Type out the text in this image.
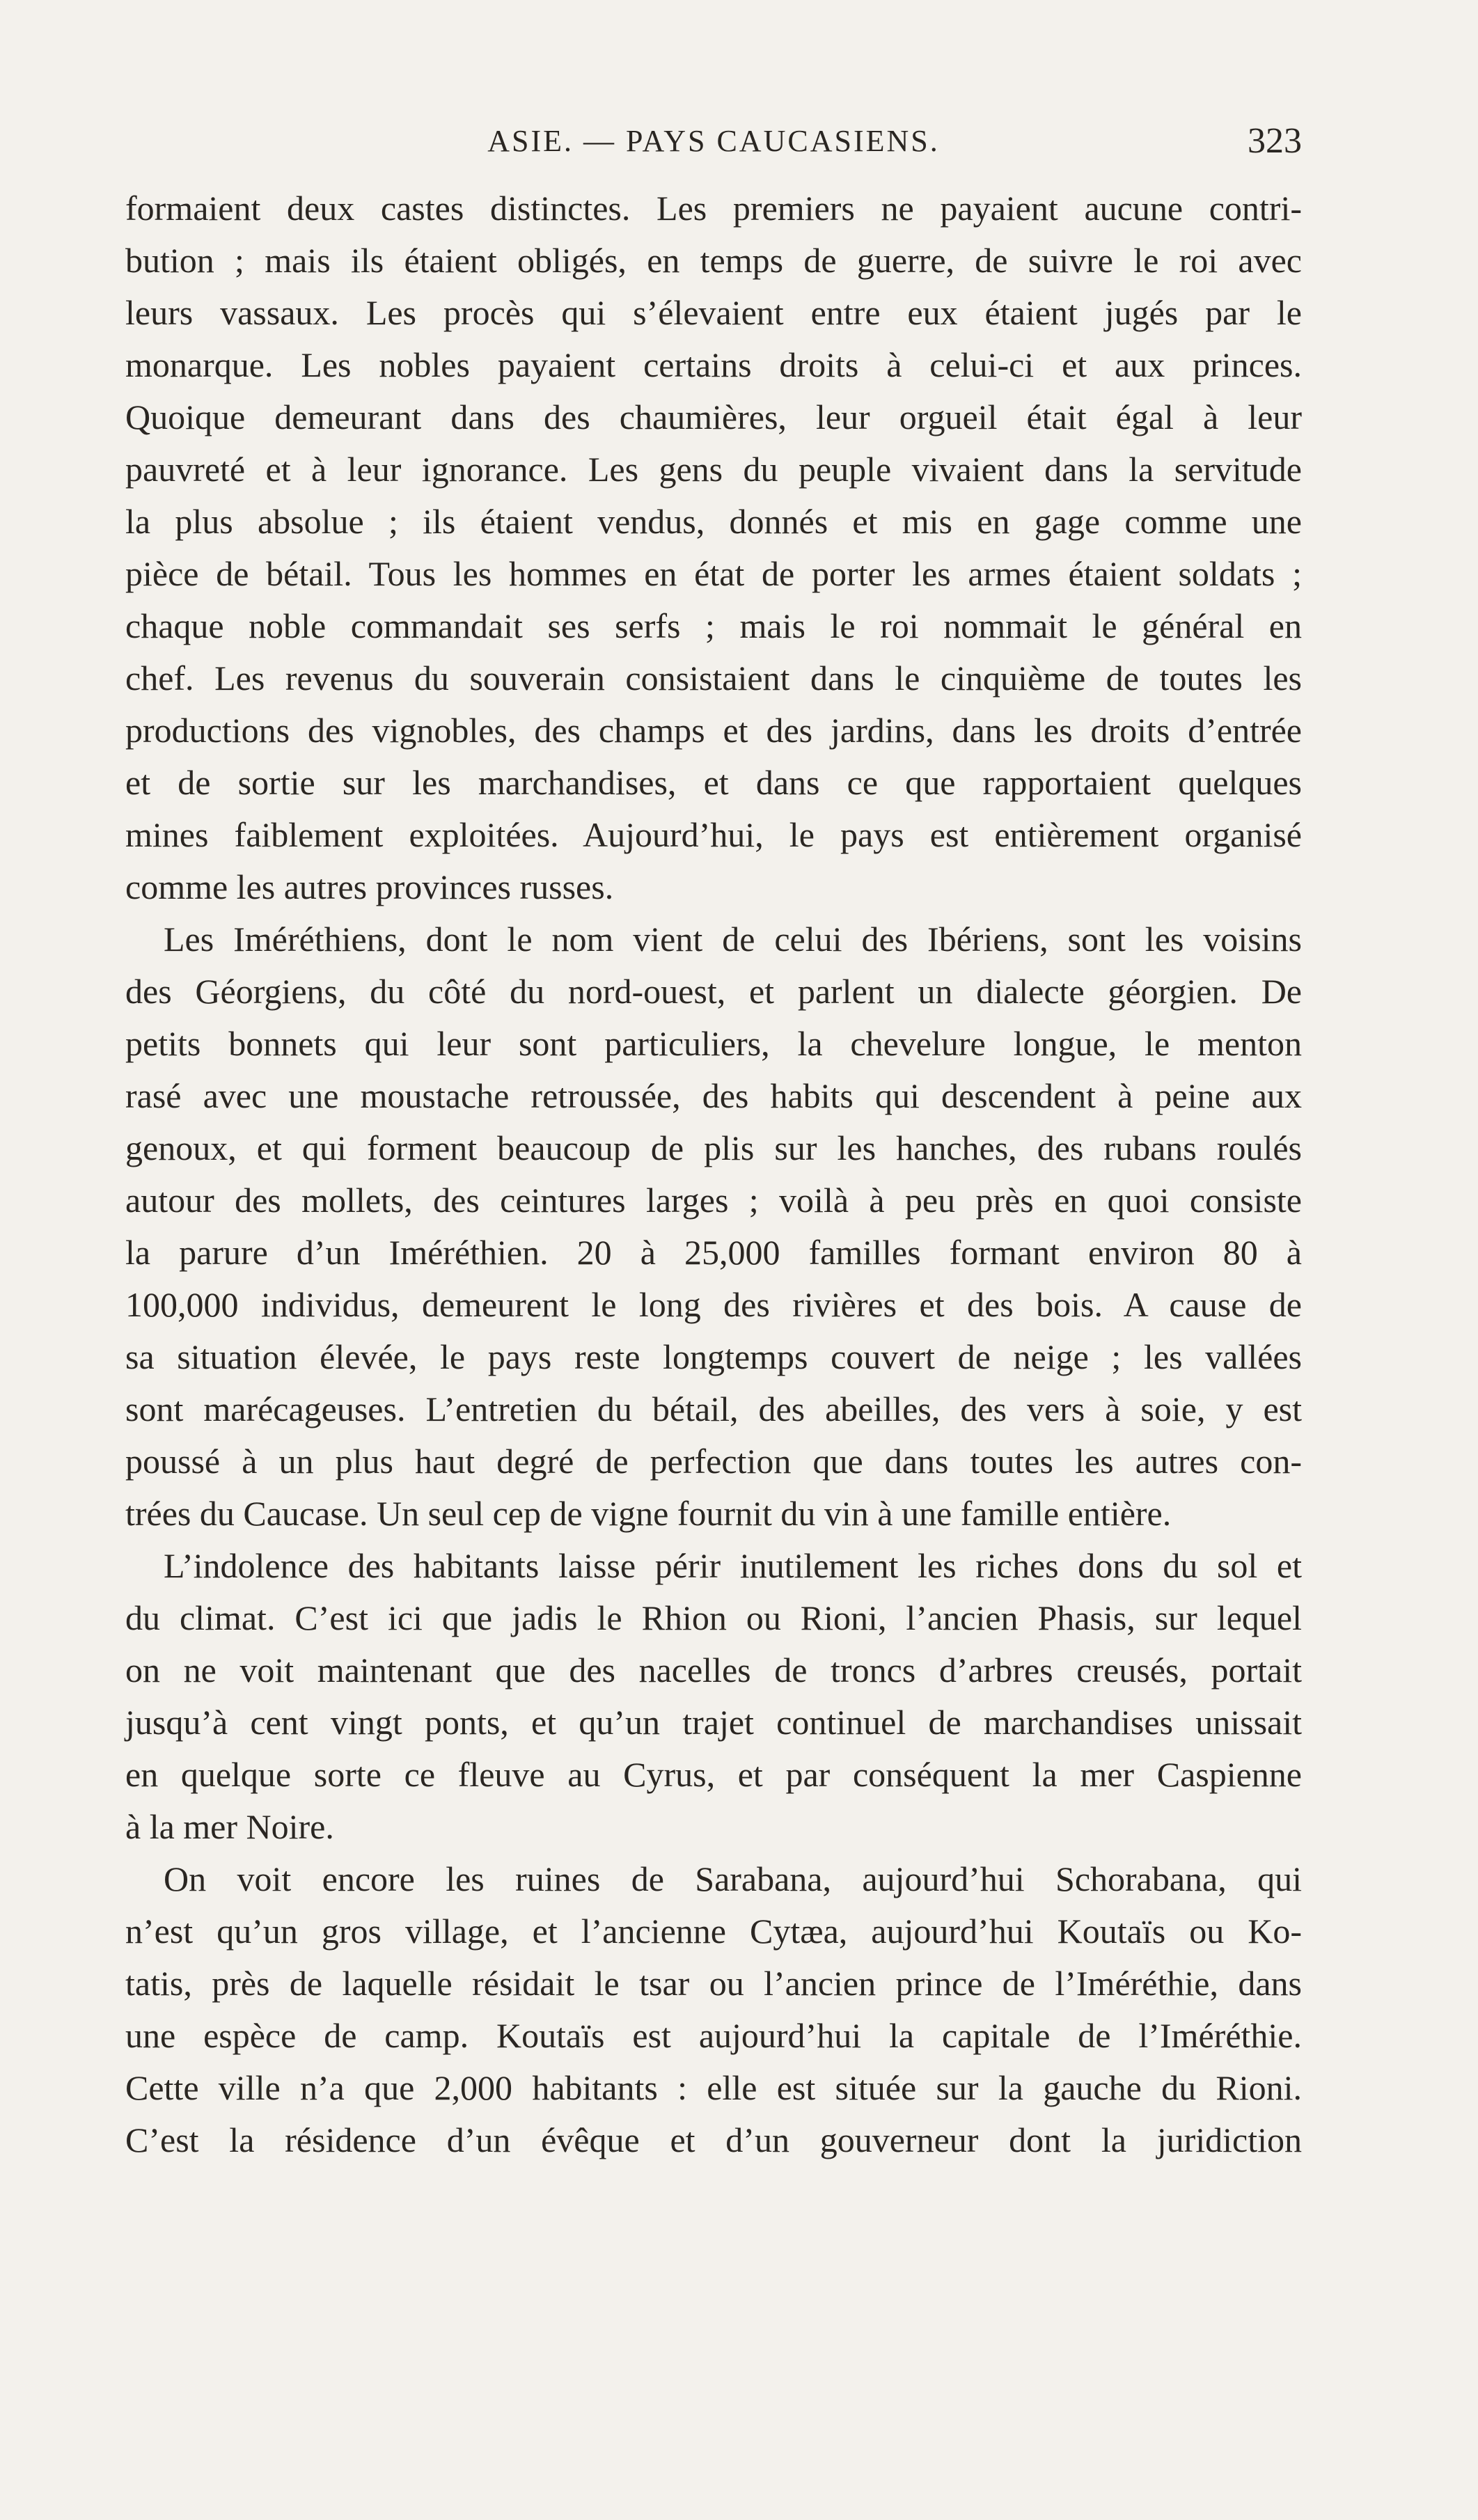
ASIE. — PAYS CAUCASIENS.	323
formaient deux castes distinctes. Les premiers ne payaient aucune contri-
bution ; mais ils étaient obligés, en temps de guerre, de suivre le roi avec
leurs vassaux. Les procès qui s’élevaient entre eux étaient jugés par le
monarque. Les nobles payaient certains droits à celui-ci et aux princes.
Quoique demeurant dans des chaumières, leur orgueil était égal à leur
pauvreté et à leur ignorance. Les gens du peuple vivaient dans la servitude
la plus absolue ; ils étaient vendus, donnés et mis en gage comme une
pièce de bétail. Tous les hommes en état de porter les armes étaient soldats ;
chaque noble commandait ses serfs ; mais le roi nommait le général en
chef. Les revenus du souverain consistaient dans le cinquième de toutes les
productions des vignobles, des champs et des jardins, dans les droits d’entrée
et de sortie sur les marchandises, et dans ce que rapportaient quelques
mines faiblement exploitées. Aujourd’hui, le pays est entièrement organisé
comme les autres provinces russes.
Les Iméréthiens, dont le nom vient de celui des Ibériens, sont les voisins
des Géorgiens, du côté du nord-ouest, et parlent un dialecte géorgien. De
petits bonnets qui leur sont particuliers, la chevelure longue, le menton
rasé avec une moustache retroussée, des habits qui descendent à peine aux
genoux, et qui forment beaucoup de plis sur les hanches, des rubans roulés
autour des mollets, des ceintures larges ; voilà à peu près en quoi consiste
la parure d’un Iméréthien. 20 à 25,000 familles formant environ 80 à
100,000 individus, demeurent le long des rivières et des bois. A cause de
sa situation élevée, le pays reste longtemps couvert de neige ; les vallées
sont marécageuses. L’entretien du bétail, des abeilles, des vers à soie, y est
poussé à un plus haut degré de perfection que dans toutes les autres con-
trées du Caucase. Un seul cep de vigne fournit du vin à une famille entière.
L’indolence des habitants laisse périr inutilement les riches dons du sol et
du climat. C’est ici que jadis le Rhion ou Rioni, l’ancien Phasis, sur lequel
on ne voit maintenant que des nacelles de troncs d’arbres creusés, portait
jusqu’à cent vingt ponts, et qu’un trajet continuel de marchandises unissait
en quelque sorte ce fleuve au Cyrus, et par conséquent la mer Caspienne
à la mer Noire.
On voit encore les ruines de Sarabana, aujourd’hui Schorabana, qui
n’est qu’un gros village, et l’ancienne Cytæa, aujourd’hui Koutaïs ou Ko-
tatis, près de laquelle résidait le tsar ou l’ancien prince de l’Iméréthie, dans
une espèce de camp. Koutaïs est aujourd’hui la capitale de l’Iméréthie.
Cette ville n’a que 2,000 habitants : elle est située sur la gauche du Rioni.
C’est la résidence d’un évêque et d’un gouverneur dont la juridiction
